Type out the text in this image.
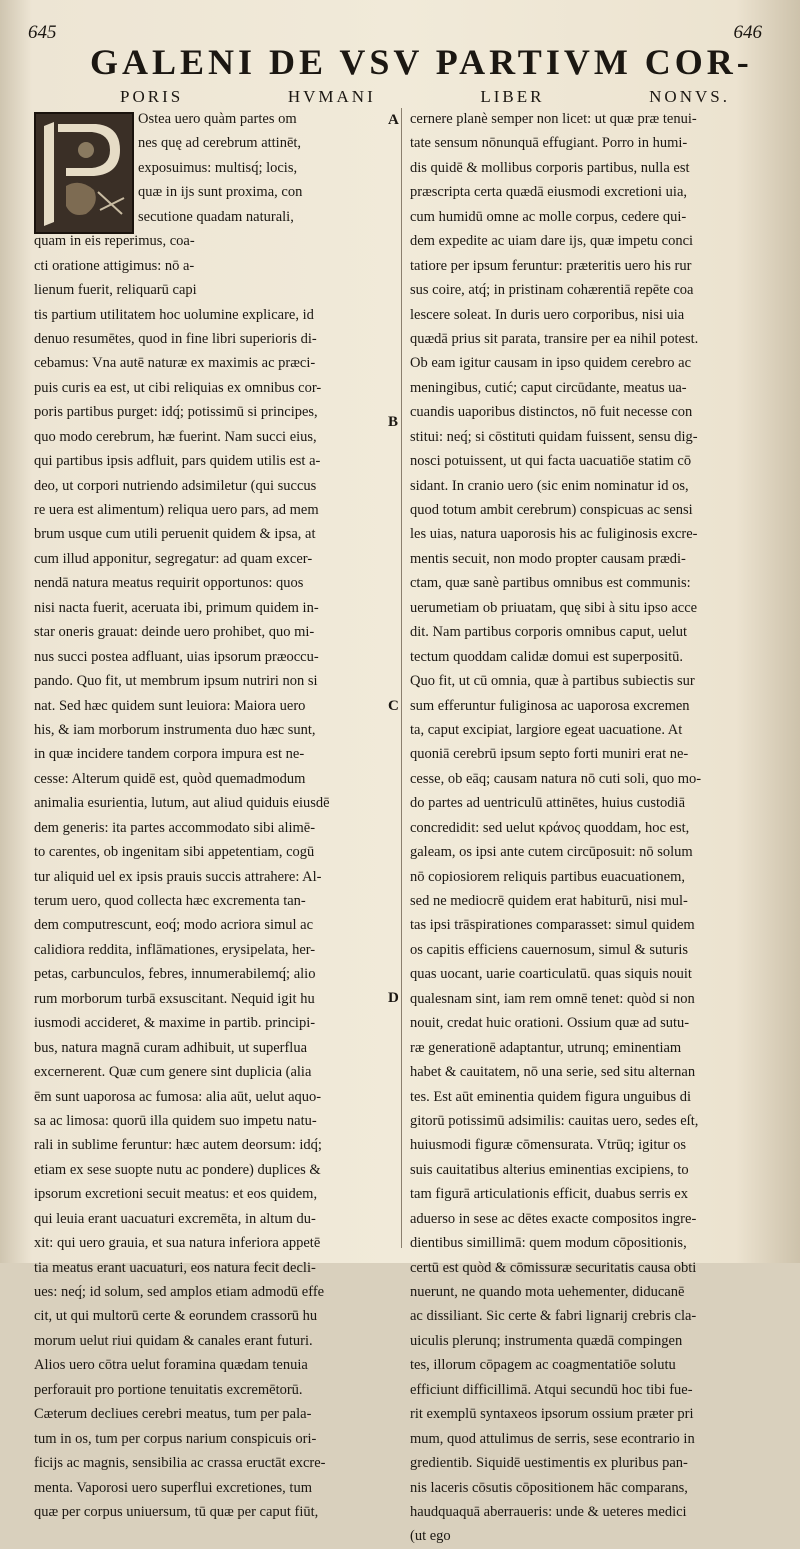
645	646
GALENI DE VSV PARTIVM COR-
PORIS	HVMANI	LIBER	NONVS.
A
B
C
D
Ostea uero quàm partes om
nes quę ad cerebrum attinēt,
exposuimus: multisq́; locis,
quæ in ijs sunt proxima, con
secutione quadam naturali,
quam in eis reperimus, coa-
cti oratione attigimus: nō a-
lienum fuerit, reliquarū capi
tis partium utilitatem hoc uolumine explicare, id
denuo resumētes, quod in fine libri superioris di-
cebamus: Vna autē naturæ ex maximis ac præci-
puis curis ea est, ut cibi reliquias ex omnibus cor-
poris partibus purget: idq́; potissimū si principes,
quo modo cerebrum, hæ fuerint. Nam succi eius,
qui partibus ipsis adfluit, pars quidem utilis est a-
deo, ut corpori nutriendo adsimiletur (qui succus
re uera est alimentum) reliqua uero pars, ad mem
brum usque cum utili peruenit quidem & ipsa, at
cum illud apponitur, segregatur: ad quam excer-
nendā natura meatus requirit opportunos: quos
nisi nacta fuerit, aceruata ibi, primum quidem in-
star oneris grauat: deinde uero prohibet, quo mi-
nus succi postea adfluant, uias ipsorum præoccu-
pando. Quo fit, ut membrum ipsum nutriri non si
nat. Sed hæc quidem sunt leuiora: Maiora uero
his, & iam morborum instrumenta duo hæc sunt,
in quæ incidere tandem corpora impura est ne-
cesse: Alterum quidē est, quòd quemadmodum
animalia esurientia, lutum, aut aliud quiduis eiusdē
dem generis: ita partes accommodato sibi alimē-
to carentes, ob ingenitam sibi appetentiam, cogū
tur aliquid uel ex ipsis prauis succis attrahere: Al-
terum uero, quod collecta hæc excrementa tan-
dem computrescunt, eoq́; modo acriora simul ac
calidiora reddita, inflāmationes, erysipelata, her-
petas, carbunculos, febres, innumerabilemq́; alio
rum morborum turbā exsuscitant. Nequid igit hu
iusmodi accideret, & maxime in partib. principi-
bus, natura magnā curam adhibuit, ut superflua
excernerent. Quæ cum genere sint duplicia (alia
ēm sunt uaporosa ac fumosa: alia aūt, uelut aquo-
sa ac limosa: quorū illa quidem suo impetu natu-
rali in sublime feruntur: hæc autem deorsum: idq́;
etiam ex sese suopte nutu ac pondere) duplices &
ipsorum excretioni secuit meatus: et eos quidem,
qui leuia erant uacuaturi excremēta, in altum du-
xit: qui uero grauia, et sua natura inferiora appetē
tia meatus erant uacuaturi, eos natura fecit decli-
ues: neq́; id solum, sed amplos etiam admodū effe
cit, ut qui multorū certe & eorundem crassorū hu
morum uelut riui quidam & canales erant futuri.
Alios uero cōtra uelut foramina quædam tenuia
perforauit pro portione tenuitatis excremētorū.
Cæterum decliues cerebri meatus, tum per pala-
tum in os, tum per corpus narium conspicuis ori-
ficijs ac magnis, sensibilia ac crassa eructāt excre-
menta. Vaporosi uero superflui excretiones, tum
quæ per corpus uniuersum, tū quæ per caput fiūt,
cernere planè semper non licet: ut quæ præ tenui-
tate sensum nōnunquā effugiant. Porro in humi-
dis quidē & mollibus corporis partibus, nulla est
præscripta certa quædā eiusmodi excretioni uia,
cum humidū omne ac molle corpus, cedere qui-
dem expedite ac uiam dare ijs, quæ impetu conci
tatiore per ipsum feruntur: præteritis uero his rur
sus coire, atq́; in pristinam cohærentiā repēte coa
lescere soleat. In duris uero corporibus, nisi uia
quædā prius sit parata, transire per ea nihil potest.
Ob eam igitur causam in ipso quidem cerebro ac
meningibus, cutić; caput circūdante, meatus ua-
cuandis uaporibus distinctos, nō fuit necesse con
stitui: neq́; si cōstituti quidam fuissent, sensu dig-
nosci potuissent, ut qui facta uacuatiōe statim cō
sidant. In cranio uero (sic enim nominatur id os,
quod totum ambit cerebrum) conspicuas ac sensi
les uias, natura uaporosis his ac fuliginosis excre-
mentis secuit, non modo propter causam prædi-
ctam, quæ sanè partibus omnibus est communis:
uerumetiam ob priuatam, quę sibi à situ ipso acce
dit. Nam partibus corporis omnibus caput, uelut
tectum quoddam calidæ domui est superpositū.
Quo fit, ut cū omnia, quæ à partibus subiectis sur
sum efferuntur fuliginosa ac uaporosa excremen
ta, caput excipiat, largiore egeat uacuatione. At
quoniā cerebrū ipsum septo forti muniri erat ne-
cesse, ob eāq; causam natura nō cuti soli, quo mo-
do partes ad uentriculū attinētes, huius custodiā
concredidit: sed uelut κράνος quoddam, hoc est,
galeam, os ipsi ante cutem circūposuit: nō solum
nō copiosiorem reliquis partibus euacuationem,
sed ne mediocrē quidem erat habiturū, nisi mul-
tas ipsi trāspirationes comparasset: simul quidem
os capitis efficiens cauernosum, simul & suturis
quas uocant, uarie coarticulatū. quas siquis nouit
qualesnam sint, iam rem omnē tenet: quòd si non
nouit, credat huic orationi. Ossium quæ ad sutu-
ræ generationē adaptantur, utrunq; eminentiam
habet & cauitatem, nō una serie, sed situ alternan
tes. Est aūt eminentia quidem figura unguibus di
gitorū potissimū adsimilis: cauitas uero, sedes eſt,
huiusmodi figuræ cōmensurata. Vtrūq; igitur os
suis cauitatibus alterius eminentias excipiens, to
tam figurā articulationis efficit, duabus serris ex
aduerso in sese ac dētes exacte compositos ingre-
dientibus simillimā: quem modum cōpositionis,
certū est quòd & cōmissuræ securitatis causa obti
nuerunt, ne quando mota uehementer, diducanē
ac dissiliant. Sic certe & fabri lignarij crebris cla-
uiculis plerunq; instrumenta quædā compingen
tes, illorum cōpagem ac coagmentatiōe solutu
efficiunt difficillimā. Atqui secundū hoc tibi fue-
rit exemplū syntaxeos ipsorum ossium præter pri
mum, quod attulimus de serris, sese econtrario in
gredientib. Siquidē uestimentis ex pluribus pan-
nis laceris cōsutis cōpositionem hāc comparans,
haudquaquā aberraueris: unde & ueteres medici
(ut ego
